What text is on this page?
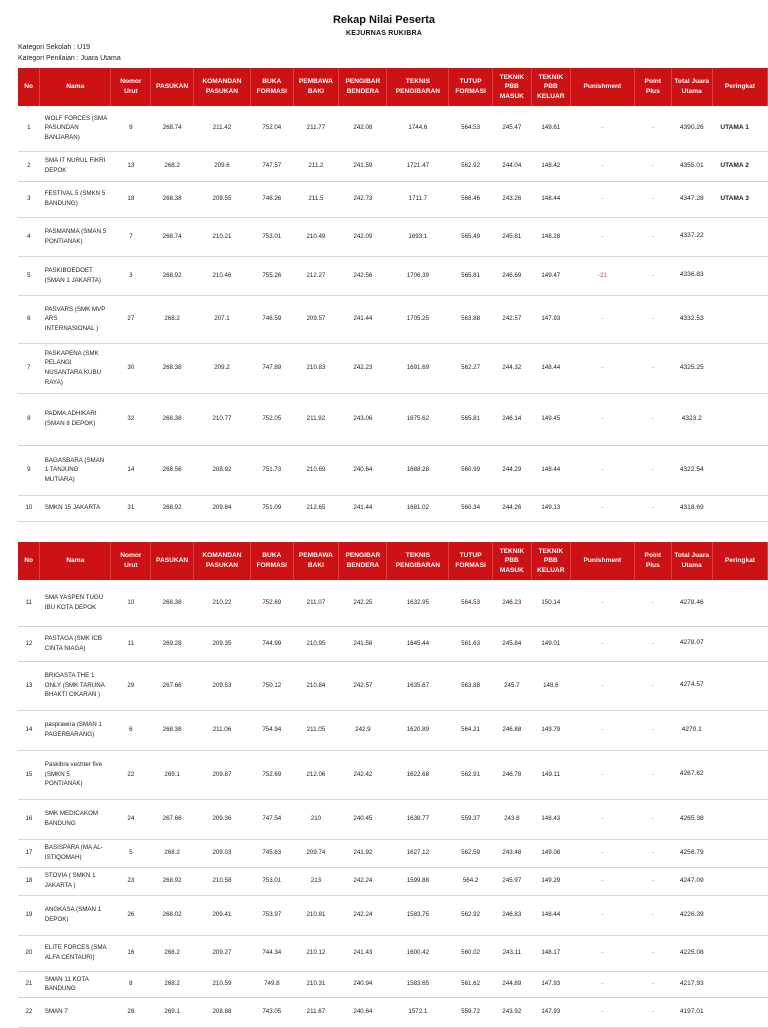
Rekap Nilai Peserta
KEJURNAS RUKIBRA
Kategori Sekolah : U19
Kategori Penilaian : Juara Utama
No	Nama	Nomor Urut	PASUKAN	KOMANDAN PASUKAN	BUKA FORMASI	PEMBAWA BAKI	PENGIBAR BENDERA	TEKNIS PENGIBARAN	TUTUP FORMASI	TEKNIK PBB MASUK	TEKNIK PBB KELUAR	Punishment	Point Plus	Total Juara Utama	Peringkat
1	WOLF FORCES (SMA PASUNDAN BANJARAN)	9	268.74	211.42	752.04	211.77	242.08	1744.6	564.53	245.47	149.61	-	-	4390.26	UTAMA 1
2	SMA IT NURUL FIKRI DEPOK	13	268.2	209.6	747.57	211.2	241.59	1721.47	562.92	244.04	148.42	-	-	4355.01	UTAMA 2
3	FESTIVAL 5 (SMKN 5 BANDUNG)	18	268.38	208.55	746.26	211.5	242.73	1711.7	566.46	243.26	148.44	-	-	4347.28	UTAMA 3
4	PASMANMA (SMAN 5 PONTIANAK)	7	268.74	210.21	753.01	210.49	242.09	1693.1	565.49	245.81	148.28	-	-	4337.22	
5	PASKIBOEDOET (SMAN 1 JAKARTA)	3	268.92	210.46	755.26	212.27	242.56	1706.39	565.81	246.69	149.47	-21	-	4336.83	
6	PASVARS (SMK MVP ARS INTERNASIONAL )	27	268.2	207.1	746.59	209.57	241.44	1705.25	563.88	242.57	147.93	-	-	4332.53	
7	PASKAPENA (SMK PELANGI NUSANTARA KUBU RAYA)	30	268.38	209.2	747.89	210.83	242.23	1691.69	562.27	244.32	148.44	-	-	4325.25	
8	PADMA ADHIKARI (SMAN 8 DEPOK)	32	268.38	210.77	752.05	211.92	243.06	1675.62	565.81	246.14	149.45	-	-	4323.2	
9	BAGASBARA (SMAN 1 TANJUNG MUTIARA)	14	268.56	208.92	751.73	210.69	240.64	1688.28	560.99	244.29	148.44	-	-	4322.54	
10	SMKN 15 JAKARTA	31	268.92	209.84	751.09	212.65	241.44	1681.02	560.34	244.26	149.13	-	-	4318.69	
No	Nama	Nomor Urut	PASUKAN	KOMANDAN PASUKAN	BUKA FORMASI	PEMBAWA BAKI	PENGIBAR BENDERA	TEKNIS PENGIBARAN	TUTUP FORMASI	TEKNIK PBB MASUK	TEKNIK PBB KELUAR	Punishment	Point Plus	Total Juara Utama	Peringkat
11	SMA YASPEN TUGU IBU KOTA DEPOK	10	268.38	210.22	752.69	211.07	242.25	1632.95	564.53	246.23	150.14	-	-	4278.46	
12	PASTAGA (SMK ICB CINTA NIAGA)	11	269.28	209.35	744.99	210.95	241.58	1645.44	561.63	245.84	149.01	-	-	4278.07	
13	BRIGASTA THE 1 ONLY (SMK TARUNA BHAKTI CIKARAN )	29	267.66	209.53	750.12	210.84	242.57	1635.67	563.88	245.7	148.6	-	-	4274.57	
14	pasprawira (SMAN 1 PAGERBARANG)	6	268.38	211.06	754.94	211.05	242.9	1620.89	564.21	246.88	149.79	-	-	4270.1	
15	Paskibra vechter five (SMKN 5 PONTIANAK)	22	269.1	209.87	752.69	212.06	242.42	1622.68	562.91	246.78	149.11	-	-	4267.62	
16	SMK MEDICAKOM BANDUNG	24	267.66	209.36	747.54	210	240.45	1638.77	559.37	243.8	148.43	-	-	4265.38	
17	BASISPARA (MA AL-ISTIQOMAH)	5	268.2	209.03	745.63	209.74	241.92	1627.12	562.59	243.48	149.08	-	-	4256.79	
18	STOVIA ( SMKN 1 JAKARTA )	23	268.92	210.58	753.01	213	242.24	1599.88	564.2	245.97	149.29	-	-	4247.09	
19	ANGKASA (SMAN 1 DEPOK)	26	268.02	209.41	753.97	210.81	242.24	1583.75	562.92	246.83	148.44	-	-	4226.39	
20	ELITE FORCES (SMA ALFA CENTAURI)	16	268.2	209.27	744.34	210.12	241.43	1600.42	560.02	243.11	148.17	-	-	4225.08	
21	SMAN 11 KOTA BANDUNG	8	268.2	210.59	749.8	210.31	240.94	1583.65	561.62	244.89	147.93	-	-	4217.93	
22	SMAN 7	28	269.1	208.88	743.05	211.67	240.64	1572.1	559.72	243.92	147.93	-	-	4197.01	
